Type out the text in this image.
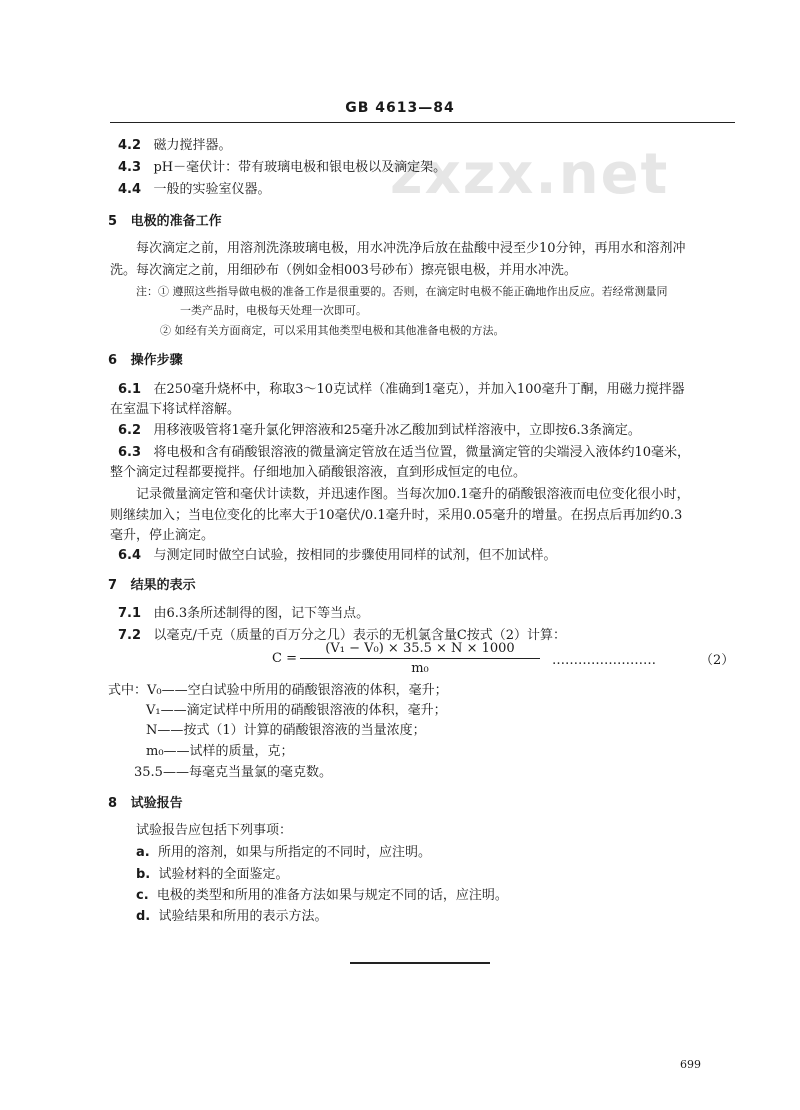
zxzx.net
GB 4613—84
4.2 磁力搅拌器。
4.3 pH－毫伏计：带有玻璃电极和银电极以及滴定架。
4.4 一般的实验室仪器。
5 电极的准备工作
每次滴定之前，用溶剂洗涤玻璃电极，用水冲洗净后放在盐酸中浸至少10分钟，再用水和溶剂冲
洗。每次滴定之前，用细砂布（例如金相003号砂布）擦亮银电极，并用水冲洗。
注：① 遵照这些指导做电极的准备工作是很重要的。否则，在滴定时电极不能正确地作出反应。若经常测量同
一类产品时，电极每天处理一次即可。
② 如经有关方面商定，可以采用其他类型电极和其他准备电极的方法。
6 操作步骤
6.1 在250毫升烧杯中，称取3～10克试样（准确到1毫克），并加入100毫升丁酮，用磁力搅拌器
在室温下将试样溶解。
6.2 用移液吸管将1毫升氯化钾溶液和25毫升冰乙酸加到试样溶液中，立即按6.3条滴定。
6.3 将电极和含有硝酸银溶液的微量滴定管放在适当位置，微量滴定管的尖端浸入液体约10毫米，
整个滴定过程都要搅拌。仔细地加入硝酸银溶液，直到形成恒定的电位。
记录微量滴定管和毫伏计读数，并迅速作图。当每次加0.1毫升的硝酸银溶液而电位变化很小时，
则继续加入；当电位变化的比率大于10毫伏/0.1毫升时，采用0.05毫升的增量。在拐点后再加约0.3
毫升，停止滴定。
6.4 与测定同时做空白试验，按相同的步骤使用同样的试剂，但不加试样。
7 结果的表示
7.1 由6.3条所述制得的图，记下等当点。
7.2 以毫克/千克（质量的百万分之几）表示的无机氯含量C按式（2）计算：
$C = \frac{\text{(V₁ − V₀) × 35.5 × N × 1000}}{\text{m₀}}$ ……………………	（2）
式中：V₀——空白试验中所用的硝酸银溶液的体积，毫升；
V₁——滴定试样中所用的硝酸银溶液的体积，毫升；
N——按式（1）计算的硝酸银溶液的当量浓度；
m₀——试样的质量，克；
35.5——每毫克当量氯的毫克数。
8 试验报告
试验报告应包括下列事项：
a. 所用的溶剂，如果与所指定的不同时，应注明。
b. 试验材料的全面鉴定。
c. 电极的类型和所用的准备方法如果与规定不同的话，应注明。
d. 试验结果和所用的表示方法。
699
